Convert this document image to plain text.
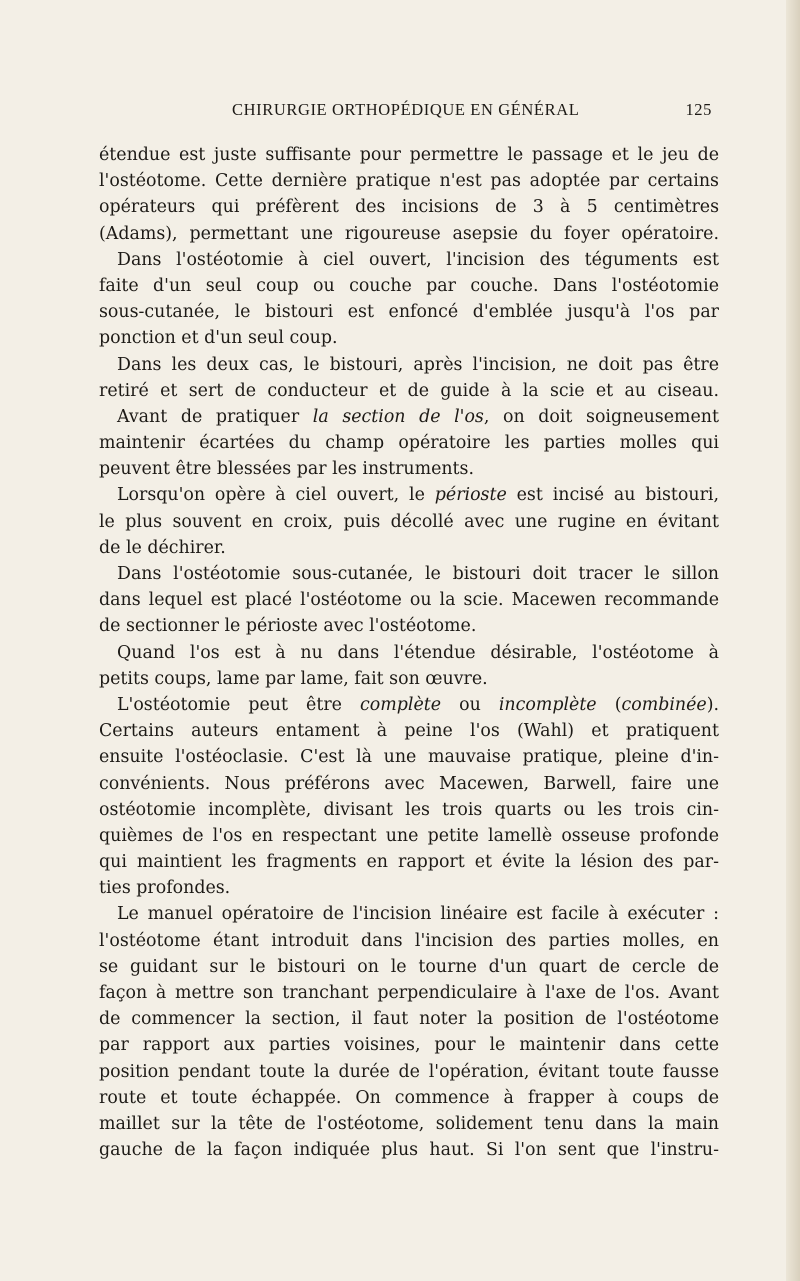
CHIRURGIE ORTHOPÉDIQUE EN GÉNÉRAL	125
étendue est juste suffisante pour permettre le passage et le jeu de
l'ostéotome. Cette dernière pratique n'est pas adoptée par certains
opérateurs qui préfèrent des incisions de 3 à 5 centimètres
(Adams), permettant une rigoureuse asepsie du foyer opératoire.
Dans l'ostéotomie à ciel ouvert, l'incision des téguments est
faite d'un seul coup ou couche par couche. Dans l'ostéotomie
sous-cutanée, le bistouri est enfoncé d'emblée jusqu'à l'os par
ponction et d'un seul coup.
Dans les deux cas, le bistouri, après l'incision, ne doit pas être
retiré et sert de conducteur et de guide à la scie et au ciseau.
Avant de pratiquer la section de l'os, on doit soigneusement
maintenir écartées du champ opératoire les parties molles qui
peuvent être blessées par les instruments.
Lorsqu'on opère à ciel ouvert, le périoste est incisé au bistouri,
le plus souvent en croix, puis décollé avec une rugine en évitant
de le déchirer.
Dans l'ostéotomie sous-cutanée, le bistouri doit tracer le sillon
dans lequel est placé l'ostéotome ou la scie. Macewen recommande
de sectionner le périoste avec l'ostéotome.
Quand l'os est à nu dans l'étendue désirable, l'ostéotome à
petits coups, lame par lame, fait son œuvre.
L'ostéotomie peut être complète ou incomplète (combinée).
Certains auteurs entament à peine l'os (Wahl) et pratiquent
ensuite l'ostéoclasie. C'est là une mauvaise pratique, pleine d'in-
convénients. Nous préférons avec Macewen, Barwell, faire une
ostéotomie incomplète, divisant les trois quarts ou les trois cin-
quièmes de l'os en respectant une petite lamellè osseuse profonde
qui maintient les fragments en rapport et évite la lésion des par-
ties profondes.
Le manuel opératoire de l'incision linéaire est facile à exécuter :
l'ostéotome étant introduit dans l'incision des parties molles, en
se guidant sur le bistouri on le tourne d'un quart de cercle de
façon à mettre son tranchant perpendiculaire à l'axe de l'os. Avant
de commencer la section, il faut noter la position de l'ostéotome
par rapport aux parties voisines, pour le maintenir dans cette
position pendant toute la durée de l'opération, évitant toute fausse
route et toute échappée. On commence à frapper à coups de
maillet sur la tête de l'ostéotome, solidement tenu dans la main
gauche de la façon indiquée plus haut. Si l'on sent que l'instru-
